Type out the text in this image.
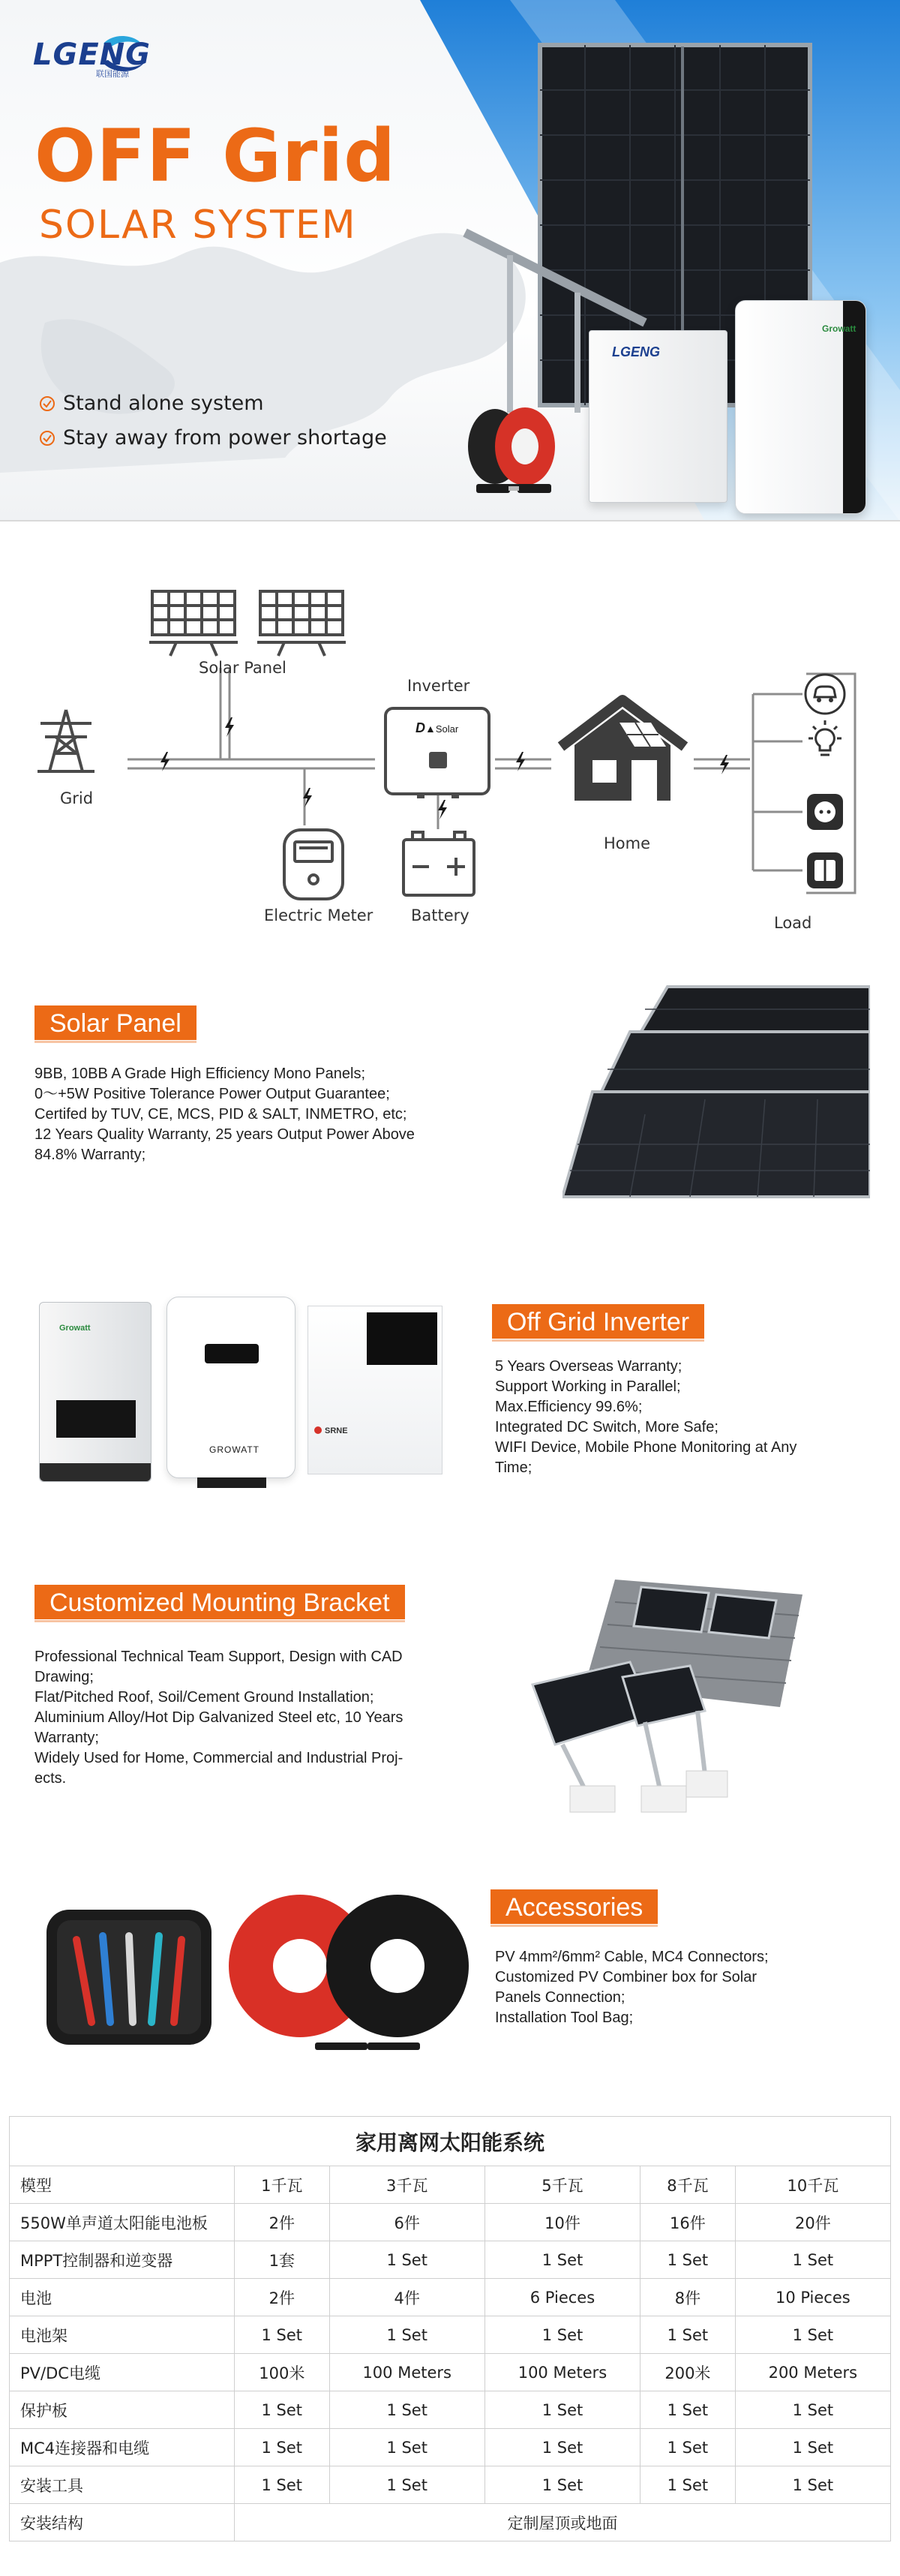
LGENG
Growatt
LGENG
联国能源
OFF Grid
SOLAR SYSTEM
Stand alone system
Stay away from power shortage
Solar Panel
Grid
Inverter
D▲Solar
Electric Meter Battery
Home
Load
Solar Panel

9BB, 10BB A Grade High Efficiency Mono Panels;

0～+5W Positive Tolerance Power Output Guarantee;

Certifed by TUV, CE, MCS, PID & SALT, INMETRO, etc;

12 Years Quality Warranty, 25 years Output Power Above

84.8% Warranty;

Growatt
GROWATT
SRNE
Off Grid Inverter

5 Years Overseas Warranty;

Support Working in Parallel;

Max.Efficiency 99.6%;

Integrated DC Switch, More Safe;

WIFI Device, Mobile Phone Monitoring at Any

Time;

Customized Mounting Bracket

Professional Technical Team Support, Design with CAD

Drawing;

Flat/Pitched Roof, Soil/Cement Ground Installation;

Aluminium Alloy/Hot Dip Galvanized Steel etc, 10 Years

Warranty;

Widely Used for Home, Commercial and Industrial Proj-

ects.

Accessories

PV 4mm²/6mm² Cable, MC4 Connectors;

Customized PV Combiner box for Solar

Panels Connection;

Installation Tool Bag;

家用离网太阳能系统					
模型	1千瓦	3千瓦	5千瓦	8千瓦	10千瓦
550W单声道太阳能电池板	2件	6件	10件	16件	20件
MPPT控制器和逆变器	1套	1 Set	1 Set	1 Set	1 Set
电池	2件	4件	6 Pieces	8件	10 Pieces
电池架	1 Set	1 Set	1 Set	1 Set	1 Set
PV/DC电缆	100米	100 Meters	100 Meters	200米	200 Meters
保护板	1 Set	1 Set	1 Set	1 Set	1 Set
MC4连接器和电缆	1 Set	1 Set	1 Set	1 Set	1 Set
安装工具	1 Set	1 Set	1 Set	1 Set	1 Set
安装结构	定制屋顶或地面				
